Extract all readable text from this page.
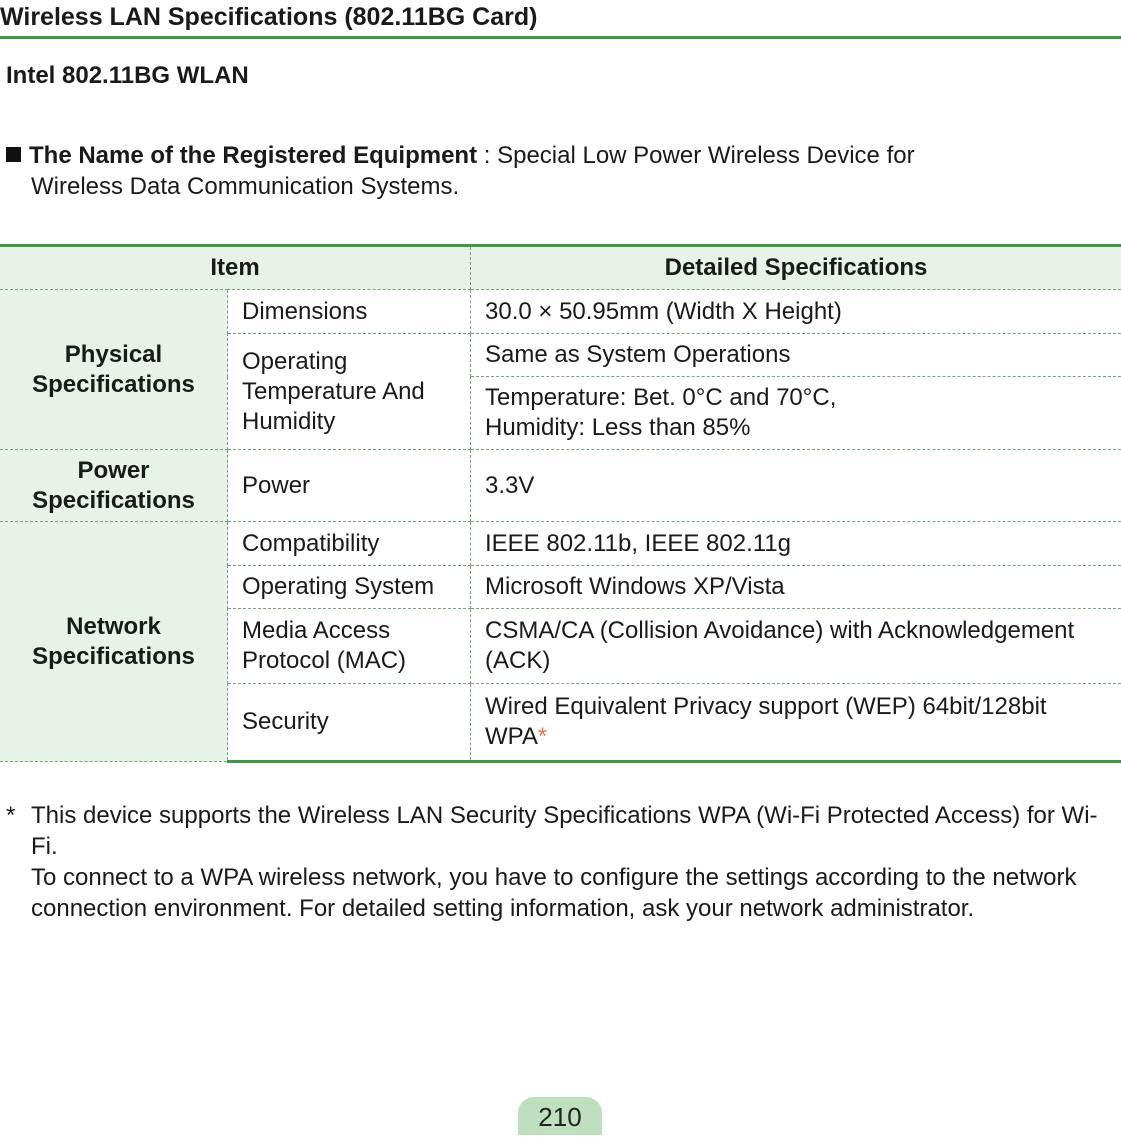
Wireless LAN Specifications (802.11BG Card)
Intel 802.11BG WLAN
The Name of the Registered Equipment : Special Low Power Wireless Device for
Wireless Data Communication Systems.
Item		Detailed Specifications
Physical Specifications	Dimensions	30.0 × 50.95mm (Width X Height)
	Operating Temperature And Humidity	Same as System Operations
		Temperature: Bet. 0°C and 70°C,
Humidity: Less than 85%
Power Specifications	Power	3.3V
Network Specifications	Compatibility	IEEE 802.11b, IEEE 802.11g
	Operating System	Microsoft Windows XP/Vista
	Media Access Protocol (MAC)	CSMA/CA (Collision Avoidance) with Acknowledgement (ACK)
	Security	Wired Equivalent Privacy support (WEP) 64bit/128bit WPA*
* This device supports the Wireless LAN Security Specifications WPA (Wi-Fi Protected Access) for Wi-Fi.
To connect to a WPA wireless network, you have to configure the settings according to the network connection environment. For detailed setting information, ask your network administrator.
210
